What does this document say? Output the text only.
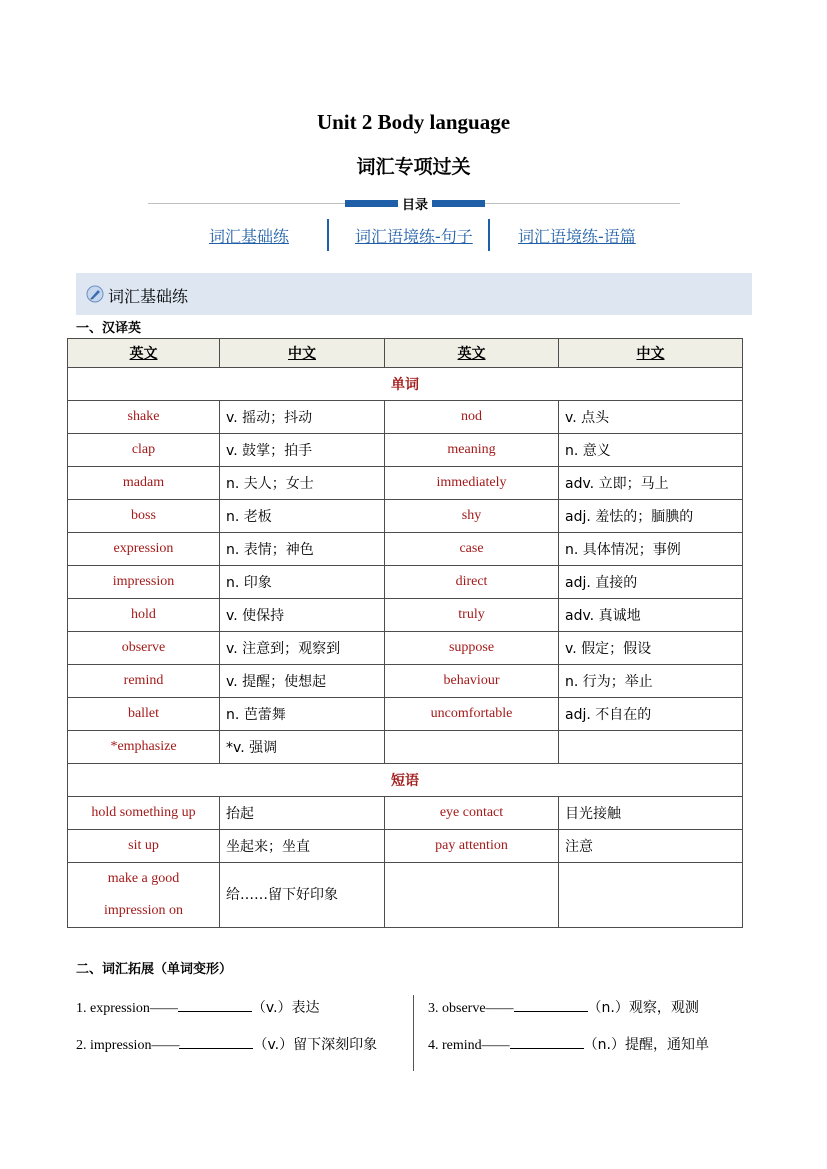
Unit 2 Body language
词汇专项过关
目录
词汇基础练	词汇语境练-句子	词汇语境练-语篇
词汇基础练
一、汉译英
英文	中文	英文	中文
单词			
shake	v. 摇动；抖动	nod	v. 点头
clap	v. 鼓掌；拍手	meaning	n. 意义
madam	n. 夫人；女士	immediately	adv. 立即；马上
boss	n. 老板	shy	adj. 羞怯的；腼腆的
expression	n. 表情；神色	case	n. 具体情况；事例
impression	n. 印象	direct	adj. 直接的
hold	v. 使保持	truly	adv. 真诚地
observe	v. 注意到；观察到	suppose	v. 假定；假设
remind	v. 提醒；使想起	behaviour	n. 行为；举止
ballet	n. 芭蕾舞	uncomfortable	adj. 不自在的
*emphasize	*v. 强调		
短语			
hold something up	抬起	eye contact	目光接触
sit up	坐起来；坐直	pay attention	注意

make a good
impression on	给……留下好印象		
二、词汇拓展（单词变形）
1. expression——	（v.）表达
2. impression——	（v.）留下深刻印象
3. observe——	（n.）观察，观测
4. remind——	（n.）提醒，通知单
